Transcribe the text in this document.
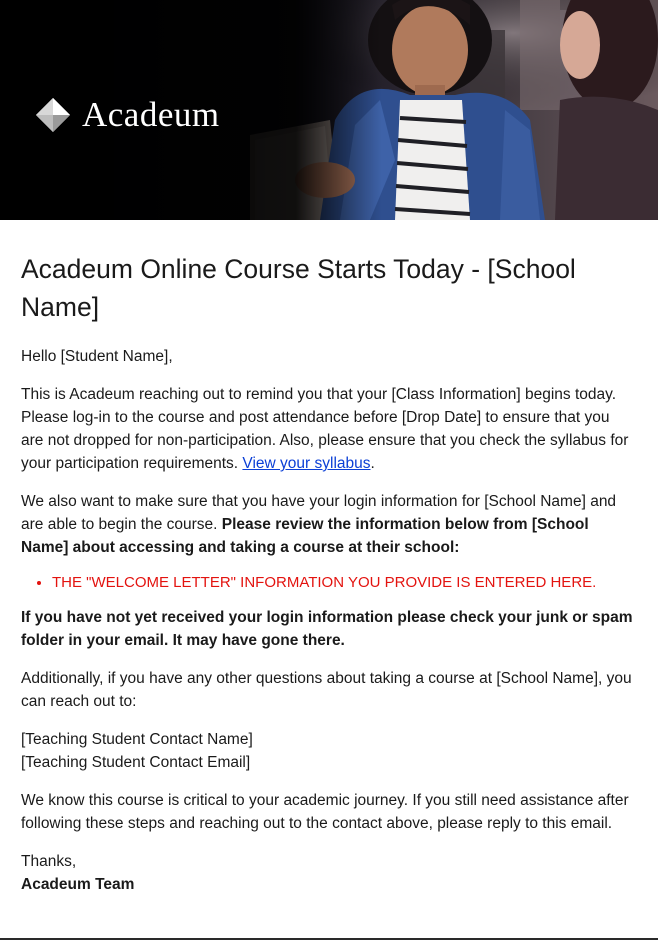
Acadeum
Acadeum Online Course Starts Today - [School Name]

Hello [Student Name],

This is Acadeum reaching out to remind you that your [Class Information] begins today. Please log-in to the course and post attendance before [Drop Date] to ensure that you are not dropped for non-participation. Also, please ensure that you check the syllabus for your participation requirements. View your syllabus.

We also want to make sure that you have your login information for [School Name] and are able to begin the course. Please review the information below from [School Name] about accessing and taking a course at their school:

• THE "WELCOME LETTER" INFORMATION YOU PROVIDE IS ENTERED HERE.

If you have not yet received your login information please check your junk or spam folder in your email. It may have gone there.

Additionally, if you have any other questions about taking a course at [School Name], you can reach out to:

[Teaching Student Contact Name]
[Teaching Student Contact Email]

We know this course is critical to your academic journey. If you still need assistance after following these steps and reaching out to the contact above, please reply to this email.

Thanks,
Acadeum Team
